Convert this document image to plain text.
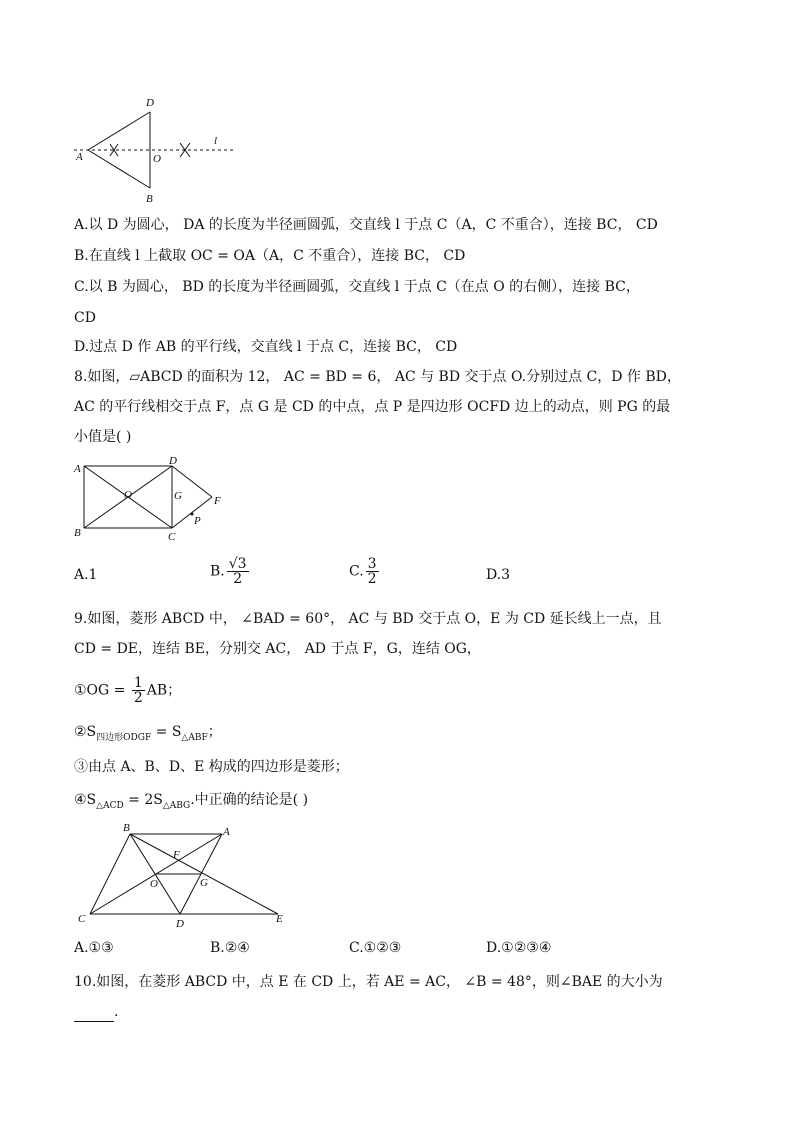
D
A	O
B
l
A.以 D 为圆心， DA 的长度为半径画圆弧，交直线 l 于点 C（A，C 不重合），连接 BC， CD
B.在直线 l 上截取 OC = OA（A，C 不重合），连接 BC， CD
C.以 B 为圆心， BD 的长度为半径画圆弧，交直线 l 于点 C（在点 O 的右侧），连接 BC，
CD
D.过点 D 作 AB 的平行线，交直线 l 于点 C，连接 BC， CD
8.如图，▱ABCD 的面积为 12， AC = BD = 6， AC 与 BD 交于点 O.分别过点 C，D 作 BD，
AC 的平行线相交于点 F，点 G 是 CD 的中点，点 P 是四边形 OCFD 边上的动点，则 PG 的最
小值是( )
A
D
O	G	F
B	C
P
A.1	B. $\frac{√3}{2}$	C. $\frac{3}{2}$	D.3
9.如图，菱形 ABCD 中， ∠BAD = 60°， AC 与 BD 交于点 O，E 为 CD 延长线上一点，且
CD = DE，连结 BE，分别交 AC， AD 于点 F，G，连结 OG，
①OG = $\frac{1}{2}$ AB；
$②S_{四边形ODGF} = S_{\triangle ABF}$；
③由点 A、B、D、E 构成的四边形是菱形；
$④S_{\triangle ACD} = 2S_{\triangle ABG}$.中正确的结论是( )
B	A
F
O	G
C	D	E
A.①③	B.②④	C.①②③	D.①②③④
10.如图，在菱形 ABCD 中，点 E 在 CD 上，若 AE = AC， ∠B = 48°，则∠BAE 的大小为
.
